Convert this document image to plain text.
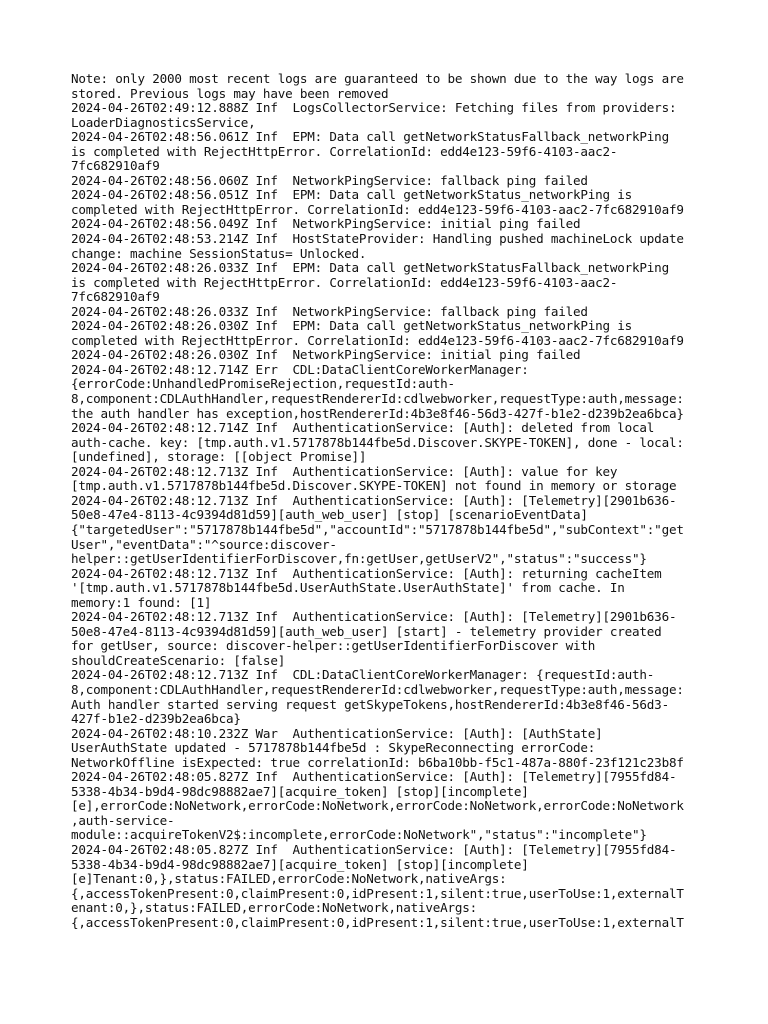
Note: only 2000 most recent logs are guaranteed to be shown due to the way logs are
stored. Previous logs may have been removed
2024-04-26T02:49:12.888Z Inf  LogsCollectorService: Fetching files from providers:
LoaderDiagnosticsService,
2024-04-26T02:48:56.061Z Inf  EPM: Data call getNetworkStatusFallback_networkPing
is completed with RejectHttpError. CorrelationId: edd4e123-59f6-4103-aac2-
7fc682910af9
2024-04-26T02:48:56.060Z Inf  NetworkPingService: fallback ping failed
2024-04-26T02:48:56.051Z Inf  EPM: Data call getNetworkStatus_networkPing is
completed with RejectHttpError. CorrelationId: edd4e123-59f6-4103-aac2-7fc682910af9
2024-04-26T02:48:56.049Z Inf  NetworkPingService: initial ping failed
2024-04-26T02:48:53.214Z Inf  HostStateProvider: Handling pushed machineLock update
change: machine SessionStatus= Unlocked.
2024-04-26T02:48:26.033Z Inf  EPM: Data call getNetworkStatusFallback_networkPing
is completed with RejectHttpError. CorrelationId: edd4e123-59f6-4103-aac2-
7fc682910af9
2024-04-26T02:48:26.033Z Inf  NetworkPingService: fallback ping failed
2024-04-26T02:48:26.030Z Inf  EPM: Data call getNetworkStatus_networkPing is
completed with RejectHttpError. CorrelationId: edd4e123-59f6-4103-aac2-7fc682910af9
2024-04-26T02:48:26.030Z Inf  NetworkPingService: initial ping failed
2024-04-26T02:48:12.714Z Err  CDL:DataClientCoreWorkerManager:
{errorCode:UnhandledPromiseRejection,requestId:auth-
8,component:CDLAuthHandler,requestRendererId:cdlwebworker,requestType:auth,message:
the auth handler has exception,hostRendererId:4b3e8f46-56d3-427f-b1e2-d239b2ea6bca}
2024-04-26T02:48:12.714Z Inf  AuthenticationService: [Auth]: deleted from local
auth-cache. key: [tmp.auth.v1.5717878b144fbe5d.Discover.SKYPE-TOKEN], done - local:
[undefined], storage: [[object Promise]]
2024-04-26T02:48:12.713Z Inf  AuthenticationService: [Auth]: value for key
[tmp.auth.v1.5717878b144fbe5d.Discover.SKYPE-TOKEN] not found in memory or storage
2024-04-26T02:48:12.713Z Inf  AuthenticationService: [Auth]: [Telemetry][2901b636-
50e8-47e4-8113-4c9394d81d59][auth_web_user] [stop] [scenarioEventData]
{"targetedUser":"5717878b144fbe5d","accountId":"5717878b144fbe5d","subContext":"get
User","eventData":"^source:discover-
helper::getUserIdentifierForDiscover,fn:getUser,getUserV2","status":"success"}
2024-04-26T02:48:12.713Z Inf  AuthenticationService: [Auth]: returning cacheItem
'[tmp.auth.v1.5717878b144fbe5d.UserAuthState.UserAuthState]' from cache. In
memory:1 found: [1]
2024-04-26T02:48:12.713Z Inf  AuthenticationService: [Auth]: [Telemetry][2901b636-
50e8-47e4-8113-4c9394d81d59][auth_web_user] [start] - telemetry provider created
for getUser, source: discover-helper::getUserIdentifierForDiscover with
shouldCreateScenario: [false]
2024-04-26T02:48:12.713Z Inf  CDL:DataClientCoreWorkerManager: {requestId:auth-
8,component:CDLAuthHandler,requestRendererId:cdlwebworker,requestType:auth,message:
Auth handler started serving request getSkypeTokens,hostRendererId:4b3e8f46-56d3-
427f-b1e2-d239b2ea6bca}
2024-04-26T02:48:10.232Z War  AuthenticationService: [Auth]: [AuthState]
UserAuthState updated - 5717878b144fbe5d : SkypeReconnecting errorCode:
NetworkOffline isExpected: true correlationId: b6ba10bb-f5c1-487a-880f-23f121c23b8f
2024-04-26T02:48:05.827Z Inf  AuthenticationService: [Auth]: [Telemetry][7955fd84-
5338-4b34-b9d4-98dc98882ae7][acquire_token] [stop][incomplete]
[e],errorCode:NoNetwork,errorCode:NoNetwork,errorCode:NoNetwork,errorCode:NoNetwork
,auth-service-
module::acquireTokenV2$:incomplete,errorCode:NoNetwork","status":"incomplete"}
2024-04-26T02:48:05.827Z Inf  AuthenticationService: [Auth]: [Telemetry][7955fd84-
5338-4b34-b9d4-98dc98882ae7][acquire_token] [stop][incomplete]
[e]Tenant:0,},status:FAILED,errorCode:NoNetwork,nativeArgs:
{,accessTokenPresent:0,claimPresent:0,idPresent:1,silent:true,userToUse:1,externalT
enant:0,},status:FAILED,errorCode:NoNetwork,nativeArgs:
{,accessTokenPresent:0,claimPresent:0,idPresent:1,silent:true,userToUse:1,externalT
